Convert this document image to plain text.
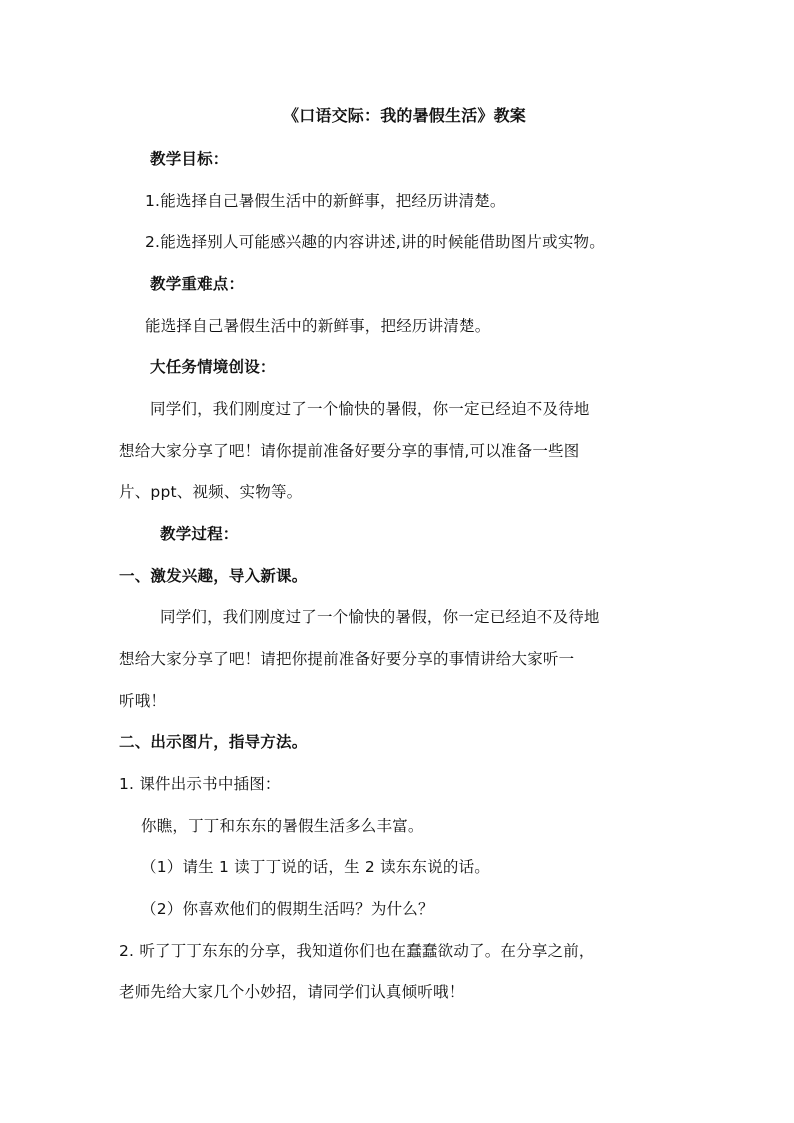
《口语交际：我的暑假生活》教案
教学目标：
1.能选择自己暑假生活中的新鲜事，把经历讲清楚。
2.能选择别人可能感兴趣的内容讲述,讲的时候能借助图片或实物。
教学重难点：
能选择自己暑假生活中的新鲜事，把经历讲清楚。
大任务情境创设：
同学们，我们刚度过了一个愉快的暑假，你一定已经迫不及待地
想给大家分享了吧！请你提前准备好要分享的事情,可以准备一些图
片、ppt、视频、实物等。
教学过程：
一、激发兴趣，导入新课。
同学们，我们刚度过了一个愉快的暑假，你一定已经迫不及待地
想给大家分享了吧！请把你提前准备好要分享的事情讲给大家听一
听哦！
二、出示图片，指导方法。
1. 课件出示书中插图：
你瞧，丁丁和东东的暑假生活多么丰富。
（1）请生 1 读丁丁说的话，生 2 读东东说的话。
（2）你喜欢他们的假期生活吗？为什么？
2. 听了丁丁东东的分享，我知道你们也在蠢蠢欲动了。在分享之前，
老师先给大家几个小妙招，请同学们认真倾听哦！
